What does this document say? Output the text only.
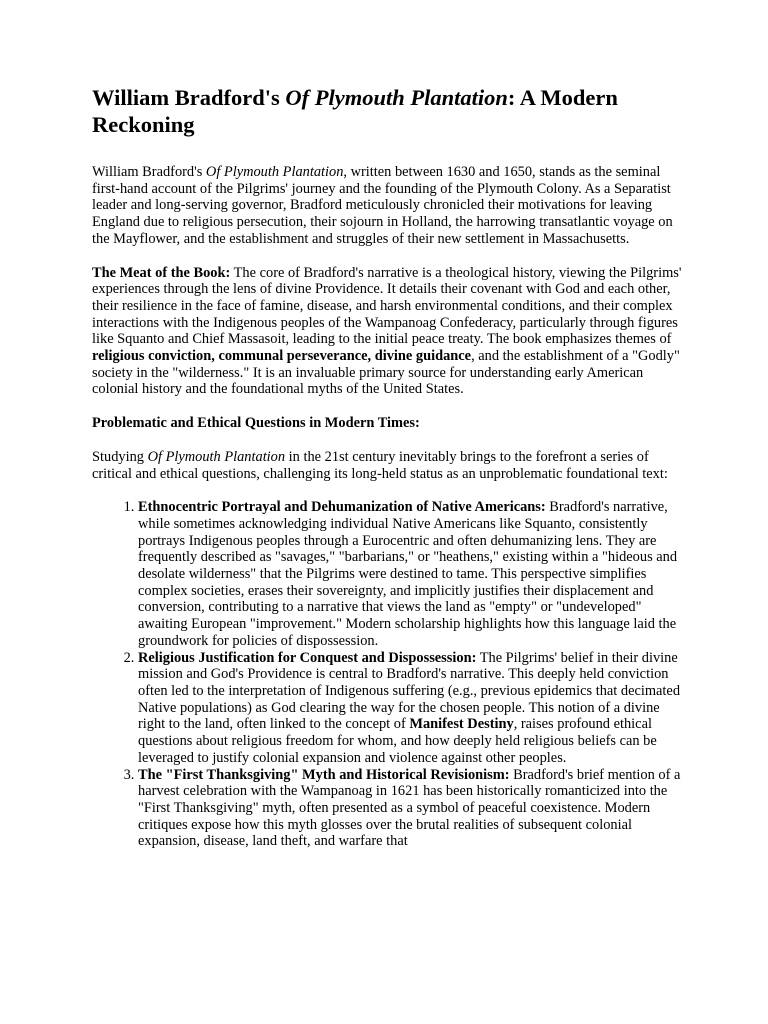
William Bradford's Of Plymouth Plantation: A Modern Reckoning

William Bradford's Of Plymouth Plantation, written between 1630 and 1650, stands as the seminal first-hand account of the Pilgrims' journey and the founding of the Plymouth Colony. As a Separatist leader and long-serving governor, Bradford meticulously chronicled their motivations for leaving England due to religious persecution, their sojourn in Holland, the harrowing transatlantic voyage on the Mayflower, and the establishment and struggles of their new settlement in Massachusetts.

The Meat of the Book: The core of Bradford's narrative is a theological history, viewing the Pilgrims' experiences through the lens of divine Providence. It details their covenant with God and each other, their resilience in the face of famine, disease, and harsh environmental conditions, and their complex interactions with the Indigenous peoples of the Wampanoag Confederacy, particularly through figures like Squanto and Chief Massasoit, leading to the initial peace treaty. The book emphasizes themes of religious conviction, communal perseverance, divine guidance, and the establishment of a "Godly" society in the "wilderness." It is an invaluable primary source for understanding early American colonial history and the foundational myths of the United States.

Problematic and Ethical Questions in Modern Times:

Studying Of Plymouth Plantation in the 21st century inevitably brings to the forefront a series of critical and ethical questions, challenging its long-held status as an unproblematic foundational text:

1. Ethnocentric Portrayal and Dehumanization of Native Americans: Bradford's narrative, while sometimes acknowledging individual Native Americans like Squanto, consistently portrays Indigenous peoples through a Eurocentric and often dehumanizing lens. They are frequently described as "savages," "barbarians," or "heathens," existing within a "hideous and desolate wilderness" that the Pilgrims were destined to tame. This perspective simplifies complex societies, erases their sovereignty, and implicitly justifies their displacement and conversion, contributing to a narrative that views the land as "empty" or "undeveloped" awaiting European "improvement." Modern scholarship highlights how this language laid the groundwork for policies of dispossession.
2. Religious Justification for Conquest and Dispossession: The Pilgrims' belief in their divine mission and God's Providence is central to Bradford's narrative. This deeply held conviction often led to the interpretation of Indigenous suffering (e.g., previous epidemics that decimated Native populations) as God clearing the way for the chosen people. This notion of a divine right to the land, often linked to the concept of Manifest Destiny, raises profound ethical questions about religious freedom for whom, and how deeply held religious beliefs can be leveraged to justify colonial expansion and violence against other peoples.
3. The "First Thanksgiving" Myth and Historical Revisionism: Bradford's brief mention of a harvest celebration with the Wampanoag in 1621 has been historically romanticized into the "First Thanksgiving" myth, often presented as a symbol of peaceful coexistence. Modern critiques expose how this myth glosses over the brutal realities of subsequent colonial expansion, disease, land theft, and warfare that
